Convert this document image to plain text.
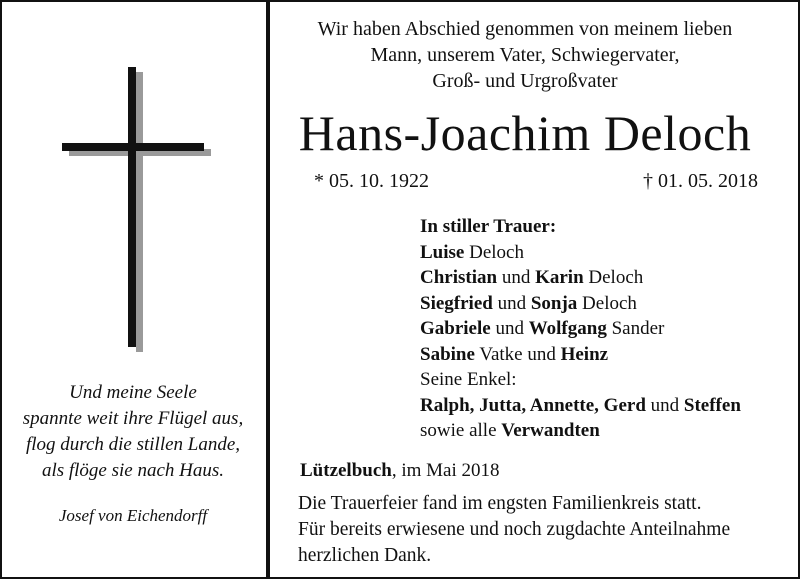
Und meine Seele
spannte weit ihre Flügel aus,
flog durch die stillen Lande,
als flöge sie nach Haus.
Josef von Eichendorff
Wir haben Abschied genommen von meinem lieben
Mann, unserem Vater, Schwiegervater,
Groß- und Urgroßvater
Hans-Joachim Deloch
* 05. 10. 1922	† 01. 05. 2018
In stiller Trauer:
Luise Deloch
Christian und Karin Deloch
Siegfried und Sonja Deloch
Gabriele und Wolfgang Sander
Sabine Vatke und Heinz
Seine Enkel:
Ralph, Jutta, Annette, Gerd und Steffen
sowie alle Verwandten
Lützelbuch, im Mai 2018
Die Trauerfeier fand im engsten Familienkreis statt.
Für bereits erwiesene und noch zugdachte Anteilnahme
herzlichen Dank.
